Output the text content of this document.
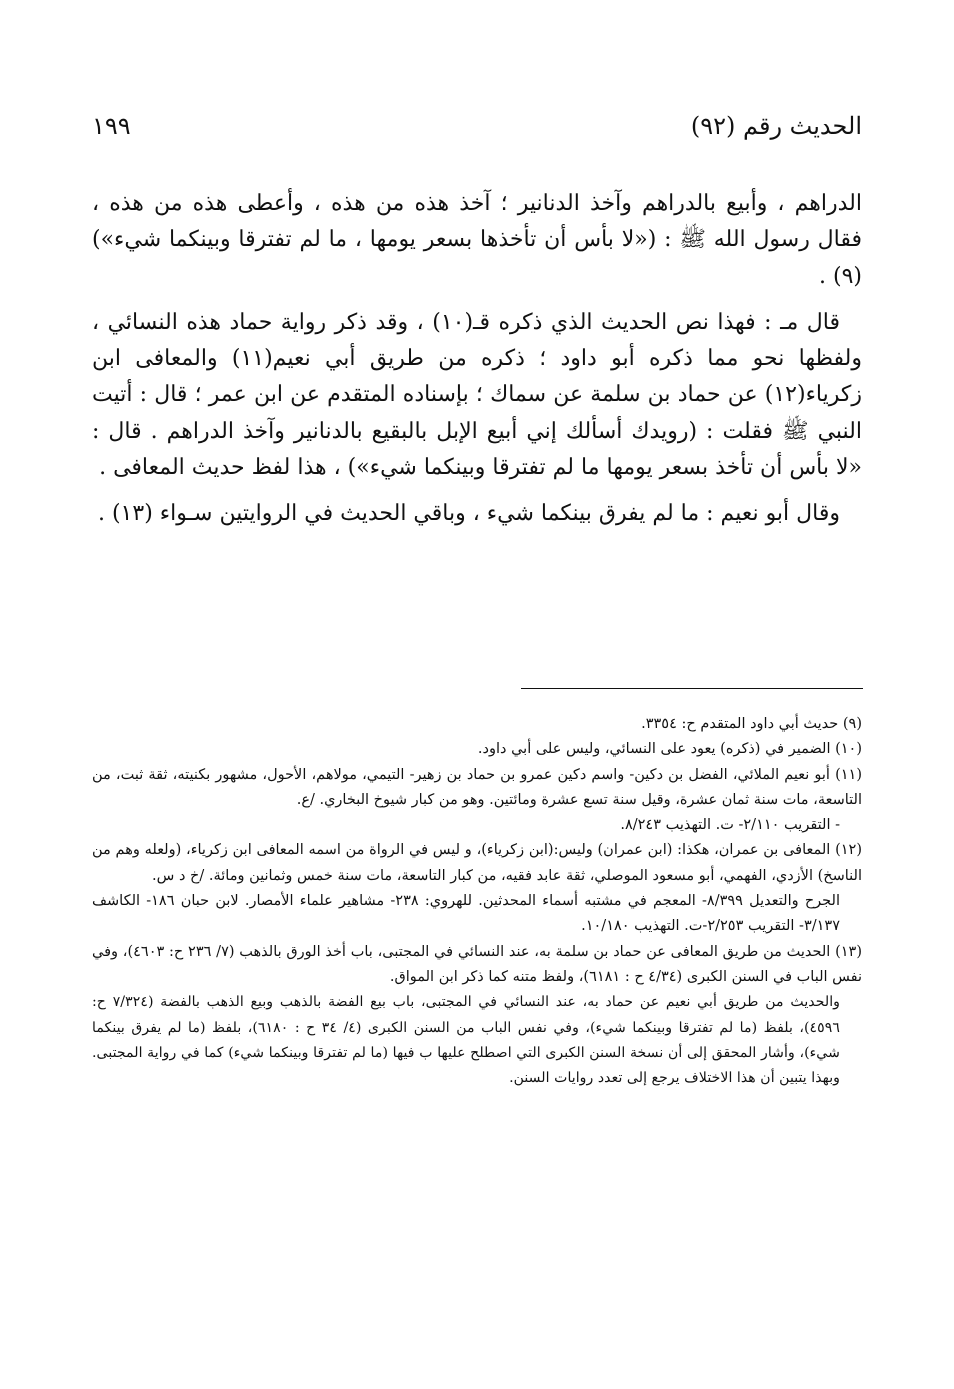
الحديث رقم (٩٢)
١٩٩

الدراهم ، وأبيع بالدراهم وآخذ الدنانير ؛ آخذ هذه من هذه ، وأعطى هذه من هذه ، فقال رسول الله ﷺ : («لا بأس أن تأخذها بسعر يومها ، ما لم تفترقا وبينكما شيء»)(٩) .

قال مـ : فهذا نص الحديث الذي ذكره قـ(١٠) ، وقد ذكر رواية حماد هذه النسائي ، ولفظها نحو مما ذكره أبو داود ؛ ذكره من طريق أبي نعيم(١١) والمعافى ابن زكرياء(١٢) عن حماد بن سلمة عن سماك ؛ بإسناده المتقدم عن ابن عمر ؛ قال : أتيت النبي ﷺ فقلت : (رويدك أسألك إني أبيع الإبل بالبقيع بالدنانير وآخذ الدراهم . قال : «لا بأس أن تأخذ بسعر يومها ما لم تفترقا وبينكما شيء») ، هذا لفظ حديث المعافى .

وقال أبو نعيم : ما لم يفرق بينكما شيء ، وباقي الحديث في الروايتين سـواء (١٣) .

(٩) حديث أبي داود المتقدم ح: ٣٣٥٤.

(١٠) الضمير في (ذكره) يعود على النسائي، وليس على أبي داود.

(١١) أبو نعيم الملائي، الفضل بن دكين- واسم دكين عمرو بن حماد بن زهير- التيمي، مولاهم، الأحول، مشهور بكنيته، ثقة ثبت، من التاسعة، مات سنة ثمان عشرة، وقيل سنة تسع عشرة ومائتين. وهو من كبار شيوخ البخاري. /ع.

- التقريب ٢/١١٠- ت. التهذيب ٨/٢٤٣.

(١٢) المعافى بن عمران، هكذا: (ابن عمران) وليس:(ابن زكرياء)، و ليس في الرواة من اسمه المعافى ابن زكرياء، (ولعله وهم من الناسخ) الأزدي، الفهمي، أبو مسعود الموصلي، ثقة عابد فقيه، من كبار التاسعة، مات سنة خمس وثمانين ومائة. /خ د س.

الجرح والتعديل ٨/٣٩٩- المعجم في مشتبه أسماء المحدثين. للهروي: ٢٣٨- مشاهير علماء الأمصار. لابن حبان ١٨٦- الكاشف ٣/١٣٧- التقريب ٢/٢٥٣-ت. التهذيب ١٠/١٨٠.

(١٣) الحديث من طريق المعافى عن حماد بن سلمة به، عند النسائي في المجتبى، باب أخذ الورق بالذهب (٧/ ٢٣٦ ح: ٤٦٠٣)، وفي نفس الباب في السنن الكبرى (٤/٣٤ ح : ٦١٨١)، ولفظ متنه كما ذكر ابن المواق.

والحديث من طريق أبي نعيم عن حماد به، عند النسائي في المجتبى، باب بيع الفضة بالذهب وبيع الذهب بالفضة (٧/٣٢٤ ح: ٤٥٩٦)، بلفظ (ما لم تفترقا وبينكما شيء)، وفي نفس الباب من السنن الكبرى (٤/ ٣٤ ح : ٦١٨٠)، بلفظ (ما لم يفرق بينكما شيء)، وأشار المحقق إلى أن نسخة السنن الكبرى التي اصطلح عليها ب فيها (ما لم تفترقا وبينكما شيء) كما في رواية المجتبى. وبهذا يتبين أن هذا الاختلاف يرجع إلى تعدد روايات السنن.
